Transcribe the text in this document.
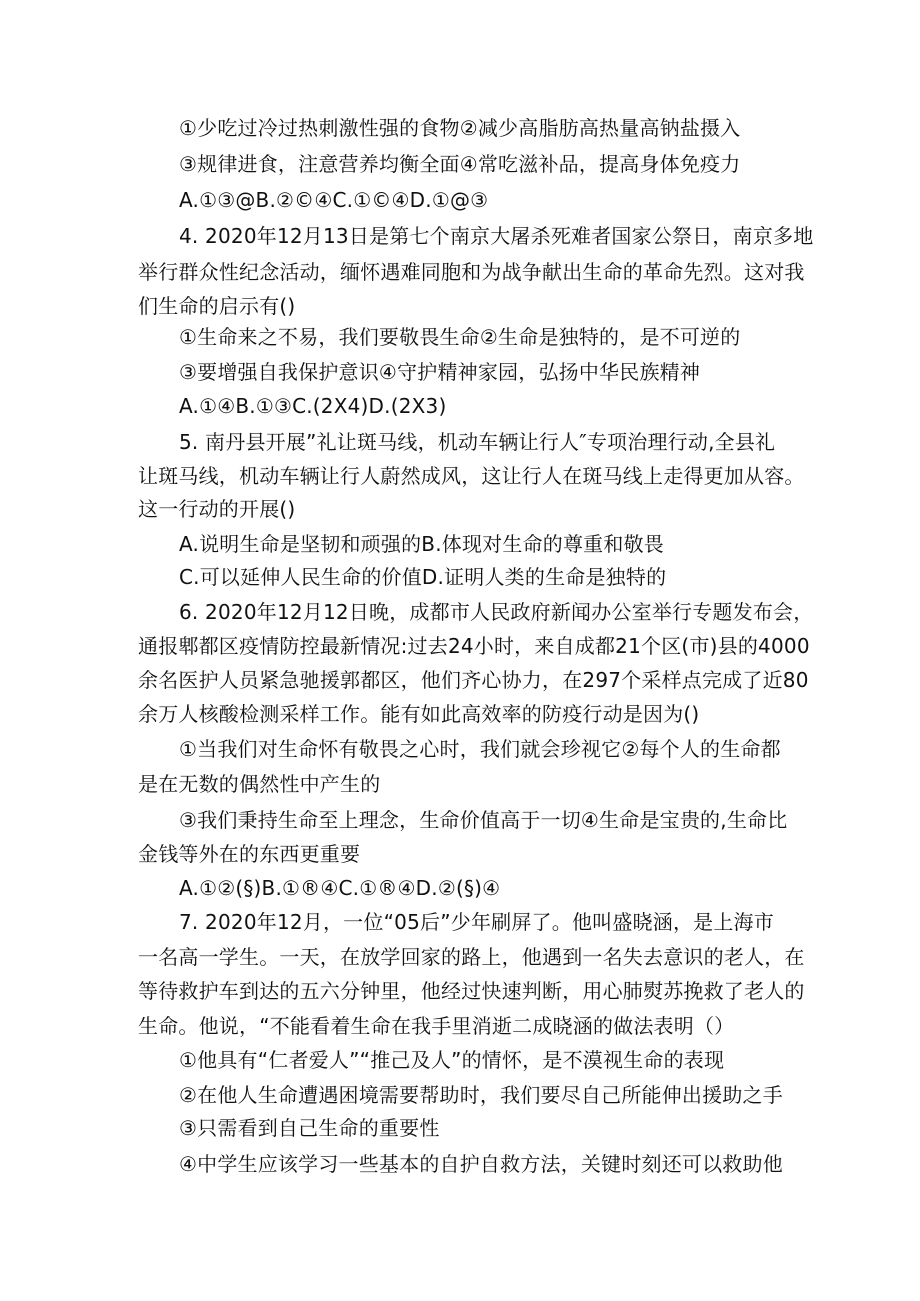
①少吃过冷过热刺激性强的食物②减少高脂肪高热量高钠盐摄入
③规律进食，注意营养均衡全面④常吃滋补品，提高身体免疫力
A.①③@B.②©④C.①©④D.①@③
4. 2020年12月13日是第七个南京大屠杀死难者国家公祭日，南京多地
举行群众性纪念活动，缅怀遇难同胞和为战争献出生命的革命先烈。这对我
们生命的启示有()
①生命来之不易，我们要敬畏生命②生命是独特的，是不可逆的
③要增强自我保护意识④守护精神家园，弘扬中华民族精神
A.①④B.①③C.(2X4)D.(2X3)
5. 南丹县开展”礼让斑马线，机动车辆让行人″专项治理行动,全县礼
让斑马线，机动车辆让行人蔚然成风，这让行人在斑马线上走得更加从容。
这一行动的开展()
A.说明生命是坚韧和顽强的B.体现对生命的尊重和敬畏
C.可以延伸人民生命的价值D.证明人类的生命是独特的
6. 2020年12月12日晚，成都市人民政府新闻办公室举行专题发布会，
通报郫都区疫情防控最新情况:过去24小时，来自成都21个区(市)县的4000
余名医护人员紧急驰援郭都区，他们齐心协力，在297个采样点完成了近80
余万人核酸检测采样工作。能有如此高效率的防疫行动是因为()
①当我们对生命怀有敬畏之心时，我们就会珍视它②每个人的生命都
是在无数的偶然性中产生的
③我们秉持生命至上理念，生命价值高于一切④生命是宝贵的,生命比
金钱等外在的东西更重要
A.①②(§)B.①®④C.①®④D.②(§)④
7. 2020年12月，一位“05后”少年刷屏了。他叫盛晓涵，是上海市
一名高一学生。一天，在放学回家的路上，他遇到一名失去意识的老人，在
等待救护车到达的五六分钟里，他经过快速判断，用心肺熨苏挽救了老人的
生命。他说，“不能看着生命在我手里消逝二成晓涵的做法表明（）
①他具有“仁者爱人”“推己及人”的情怀，是不漠视生命的表现
②在他人生命遭遇困境需要帮助时，我们要尽自己所能伸出援助之手
③只需看到自己生命的重要性
④中学生应该学习一些基本的自护自救方法，关键时刻还可以救助他
